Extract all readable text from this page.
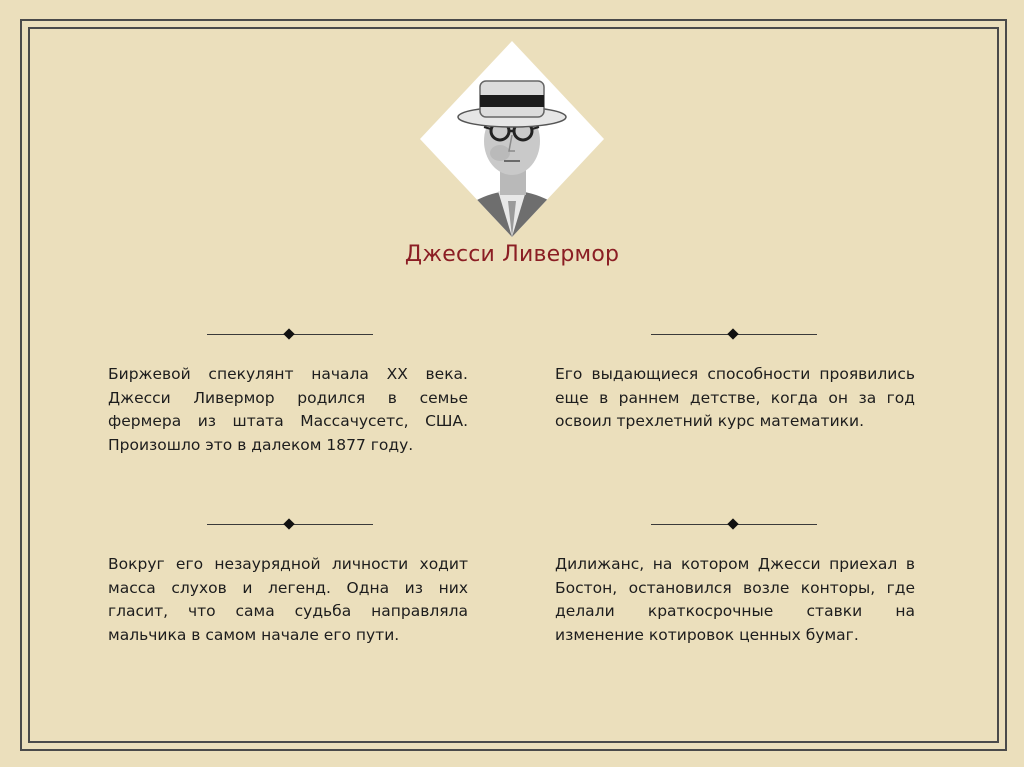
Джесси Ливермор
Биржевой спекулянт начала XX века. Джесси Ливермор родился в семье фермера из штата Массачусетс, США. Произошло это в далеком 1877 году.
Его выдающиеся способности проявились еще в раннем детстве, когда он за год освоил трехлетний курс математики.
Вокруг его незаурядной личности ходит масса слухов и легенд. Одна из них гласит, что сама судьба направляла мальчика в самом начале его пути.
Дилижанс, на котором Джесси приехал в Бостон, остановился возле конторы, где делали краткосрочные ставки на изменение котировок ценных бумаг.
